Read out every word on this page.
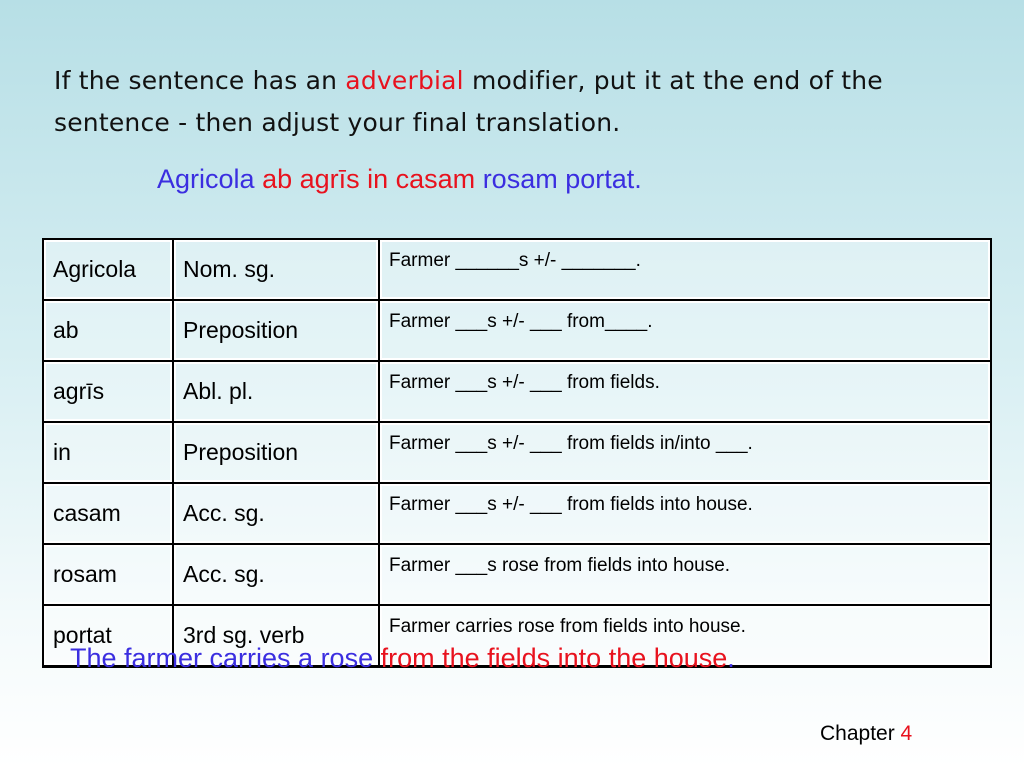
If the sentence has an adverbial modifier, put it at the end of the sentence - then adjust your final translation.
Agricola ab agrīs in casam rosam portat.
Agricola	Nom. sg.	Farmer ______s +/- _______.
ab	Preposition	Farmer ___s +/- ___ from____.
agrīs	Abl. pl.	Farmer ___s +/- ___ from fields.
in	Preposition	Farmer ___s +/- ___ from fields in/into ___.
casam	Acc. sg.	Farmer ___s +/- ___ from fields into house.
rosam	Acc. sg.	Farmer ___s rose from fields into house.
portat	3rd sg. verb	Farmer carries rose from fields into house.
The farmer carries a rose from the fields into the house.
Chapter 4
